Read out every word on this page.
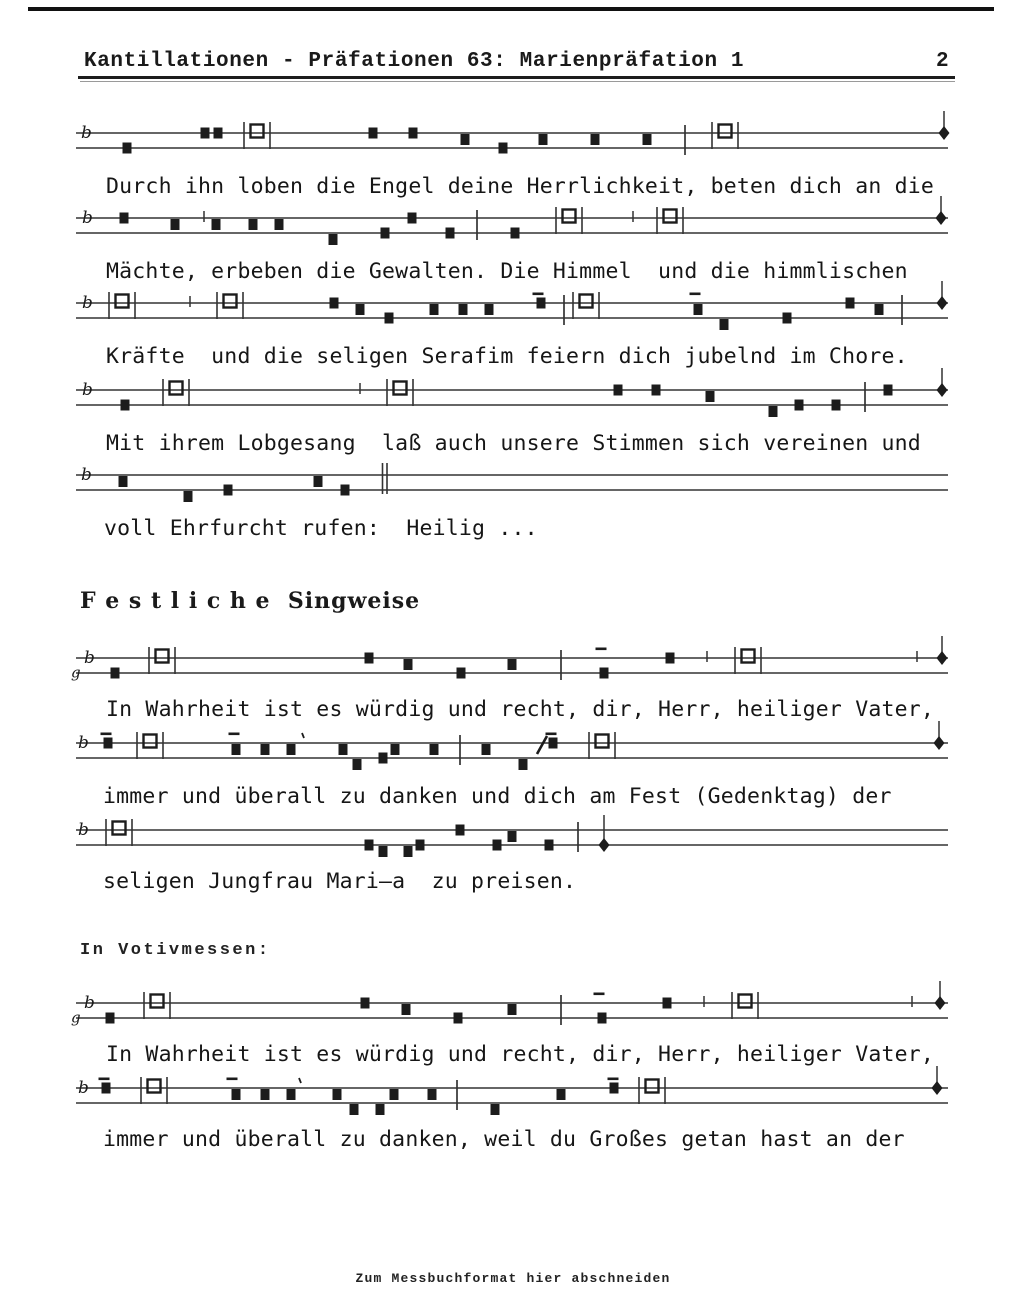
Kantillationen - Präfationen 63: Marienpräfation 1	2
F e s t l i c h e  Singweise
In Votivmessen:
b
Durch ihn loben die Engel deine Herrlichkeit, beten dich an die
b
Mächte, erbeben die Gewalten. Die Himmel  und die himmlischen
b
Kräfte  und die seligen Serafim feiern dich jubelnd im Chore.
b
Mit ihrem Lobgesang  laß auch unsere Stimmen sich vereinen und
b
voll Ehrfurcht rufen:  Heilig ...
b
g
In Wahrheit ist es würdig und recht, dir, Herr, heiliger Vater,
b
immer und überall zu danken und dich am Fest (Gedenktag) der
b
seligen Jungfrau Mari—a  zu preisen.
b
g
In Wahrheit ist es würdig und recht, dir, Herr, heiliger Vater,
b
immer und überall zu danken, weil du Großes getan hast an der
Zum Messbuchformat hier abschneiden
